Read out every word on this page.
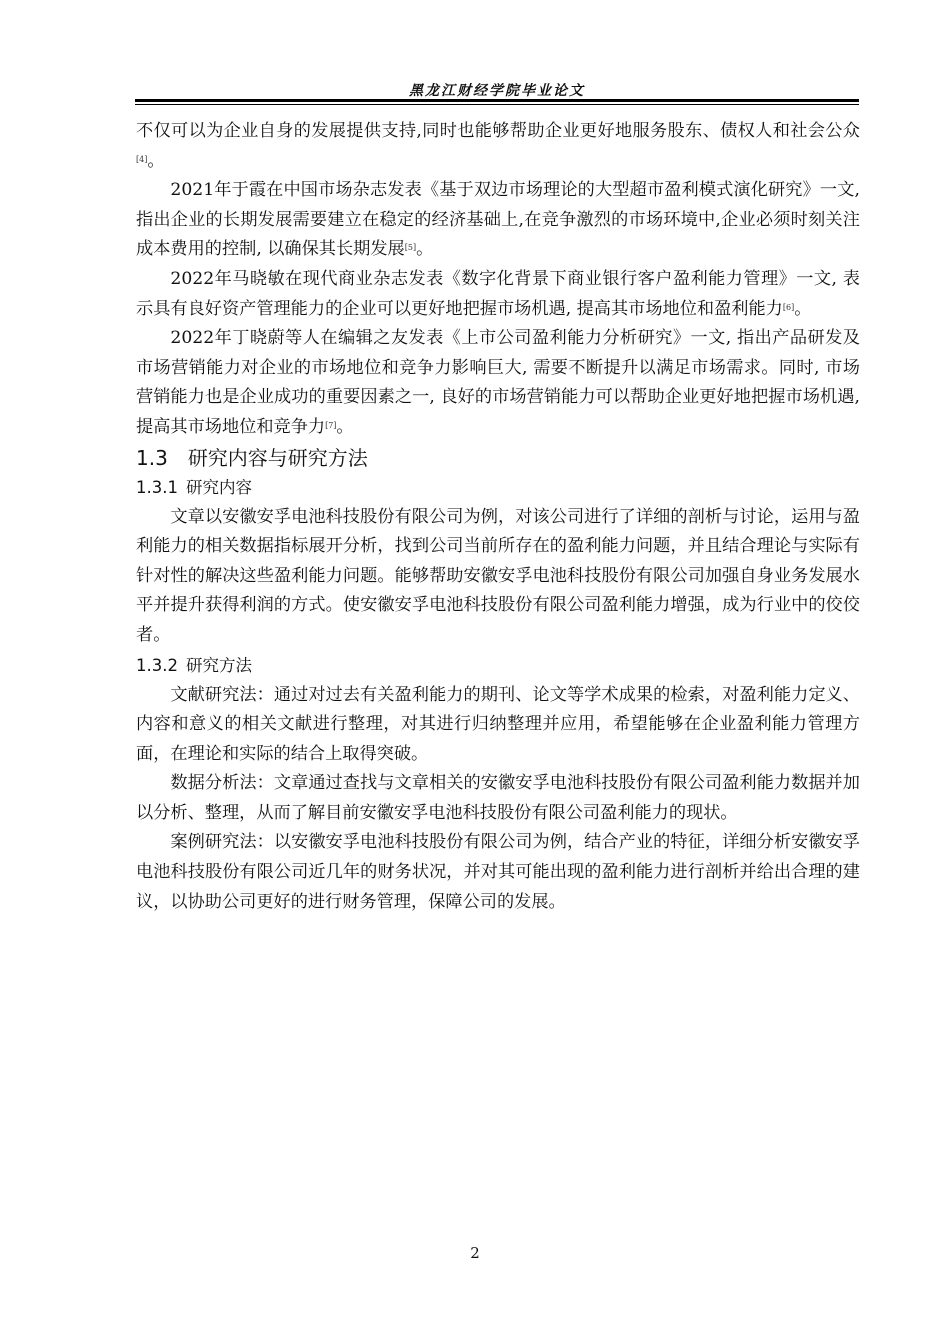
黑龙江财经学院毕业论文

不仅可以为企业自身的发展提供支持,同时也能够帮助企业更好地服务股东、债权人和社会公众[4]。

2021年于霞在中国市场杂志发表《基于双边市场理论的大型超市盈利模式演化研究》一文, 指出企业的长期发展需要建立在稳定的经济基础上,在竞争激烈的市场环境中,企业必须时刻关注成本费用的控制, 以确保其长期发展[5]。

2022年马晓敏在现代商业杂志发表《数字化背景下商业银行客户盈利能力管理》一文, 表示具有良好资产管理能力的企业可以更好地把握市场机遇, 提高其市场地位和盈利能力[6]。

2022年丁晓蔚等人在编辑之友发表《上市公司盈利能力分析研究》一文, 指出产品研发及市场营销能力对企业的市场地位和竞争力影响巨大, 需要不断提升以满足市场需求。同时, 市场营销能力也是企业成功的重要因素之一, 良好的市场营销能力可以帮助企业更好地把握市场机遇, 提高其市场地位和竞争力[7]。

1.3 研究内容与研究方法
1.3.1 研究内容

文章以安徽安孚电池科技股份有限公司为例，对该公司进行了详细的剖析与讨论，运用与盈利能力的相关数据指标展开分析，找到公司当前所存在的盈利能力问题，并且结合理论与实际有针对性的解决这些盈利能力问题。能够帮助安徽安孚电池科技股份有限公司加强自身业务发展水平并提升获得利润的方式。使安徽安孚电池科技股份有限公司盈利能力增强，成为行业中的佼佼者。

1.3.2 研究方法

文献研究法：通过对过去有关盈利能力的期刊、论文等学术成果的检索，对盈利能力定义、内容和意义的相关文献进行整理，对其进行归纳整理并应用，希望能够在企业盈利能力管理方面，在理论和实际的结合上取得突破。

数据分析法：文章通过查找与文章相关的安徽安孚电池科技股份有限公司盈利能力数据并加以分析、整理，从而了解目前安徽安孚电池科技股份有限公司盈利能力的现状。

案例研究法：以安徽安孚电池科技股份有限公司为例，结合产业的特征，详细分析安徽安孚电池科技股份有限公司近几年的财务状况，并对其可能出现的盈利能力进行剖析并给出合理的建议，以协助公司更好的进行财务管理，保障公司的发展。

2
